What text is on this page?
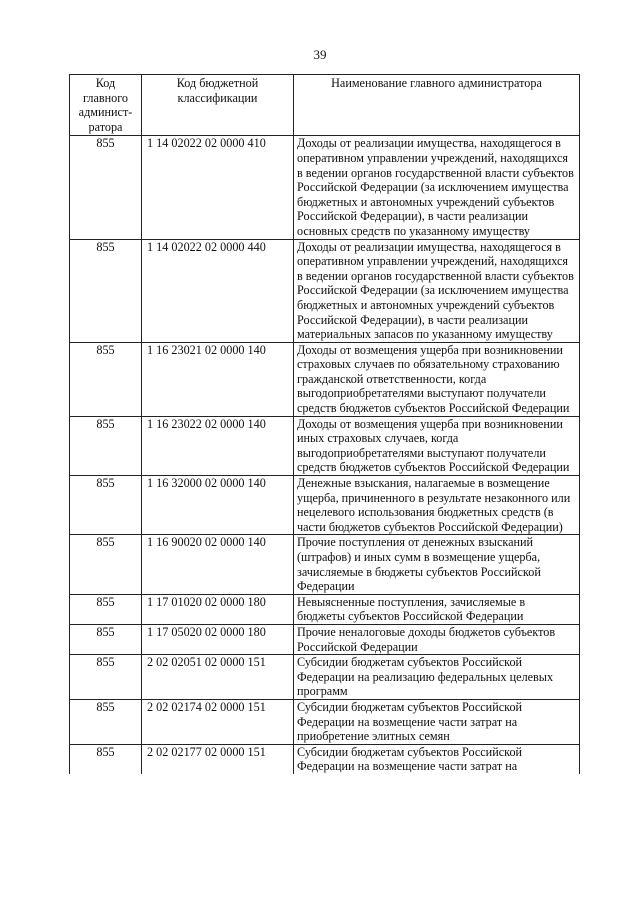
39
Код главного админист-ратора	Код бюджетной классификации	Наименование главного администратора
855	1 14 02022 02 0000 410	Доходы от реализации имущества, находящегося в оперативном управлении учреждений, находящихся в ведении органов государственной власти субъектов Российской Федерации (за исключением имущества бюджетных и автономных учреждений субъектов Российской Федерации), в части реализации основных средств по указанному имуществу
855	1 14 02022 02 0000 440	Доходы от реализации имущества, находящегося в оперативном управлении учреждений, находящихся в ведении органов государственной власти субъектов Российской Федерации (за исключением имущества бюджетных и автономных учреждений субъектов Российской Федерации), в части реализации материальных запасов по указанному имуществу
855	1 16 23021 02 0000 140	Доходы от возмещения ущерба при возникновении страховых случаев по обязательному страхованию гражданской ответственности, когда выгодоприобретателями выступают получатели средств бюджетов субъектов Российской Федерации
855	1 16 23022 02 0000 140	Доходы от возмещения ущерба при возникновении иных страховых случаев, когда выгодоприобретателями выступают получатели средств бюджетов субъектов Российской Федерации
855	1 16 32000 02 0000 140	Денежные взыскания, налагаемые в возмещение ущерба, причиненного в результате незаконного или нецелевого использования бюджетных средств (в части бюджетов субъектов Российской Федерации)
855	1 16 90020 02 0000 140	Прочие поступления от денежных взысканий (штрафов) и иных сумм в возмещение ущерба, зачисляемые в бюджеты субъектов Российской Федерации
855	1 17 01020 02 0000 180	Невыясненные поступления, зачисляемые в бюджеты субъектов Российской Федерации
855	1 17 05020 02 0000 180	Прочие неналоговые доходы бюджетов субъектов Российской Федерации
855	2 02 02051 02 0000 151	Субсидии бюджетам субъектов Российской Федерации на реализацию федеральных целевых программ
855	2 02 02174 02 0000 151	Субсидии бюджетам субъектов Российской Федерации на возмещение части затрат на приобретение элитных семян
855	2 02 02177 02 0000 151	Субсидии бюджетам субъектов Российской Федерации на возмещение части затрат на
